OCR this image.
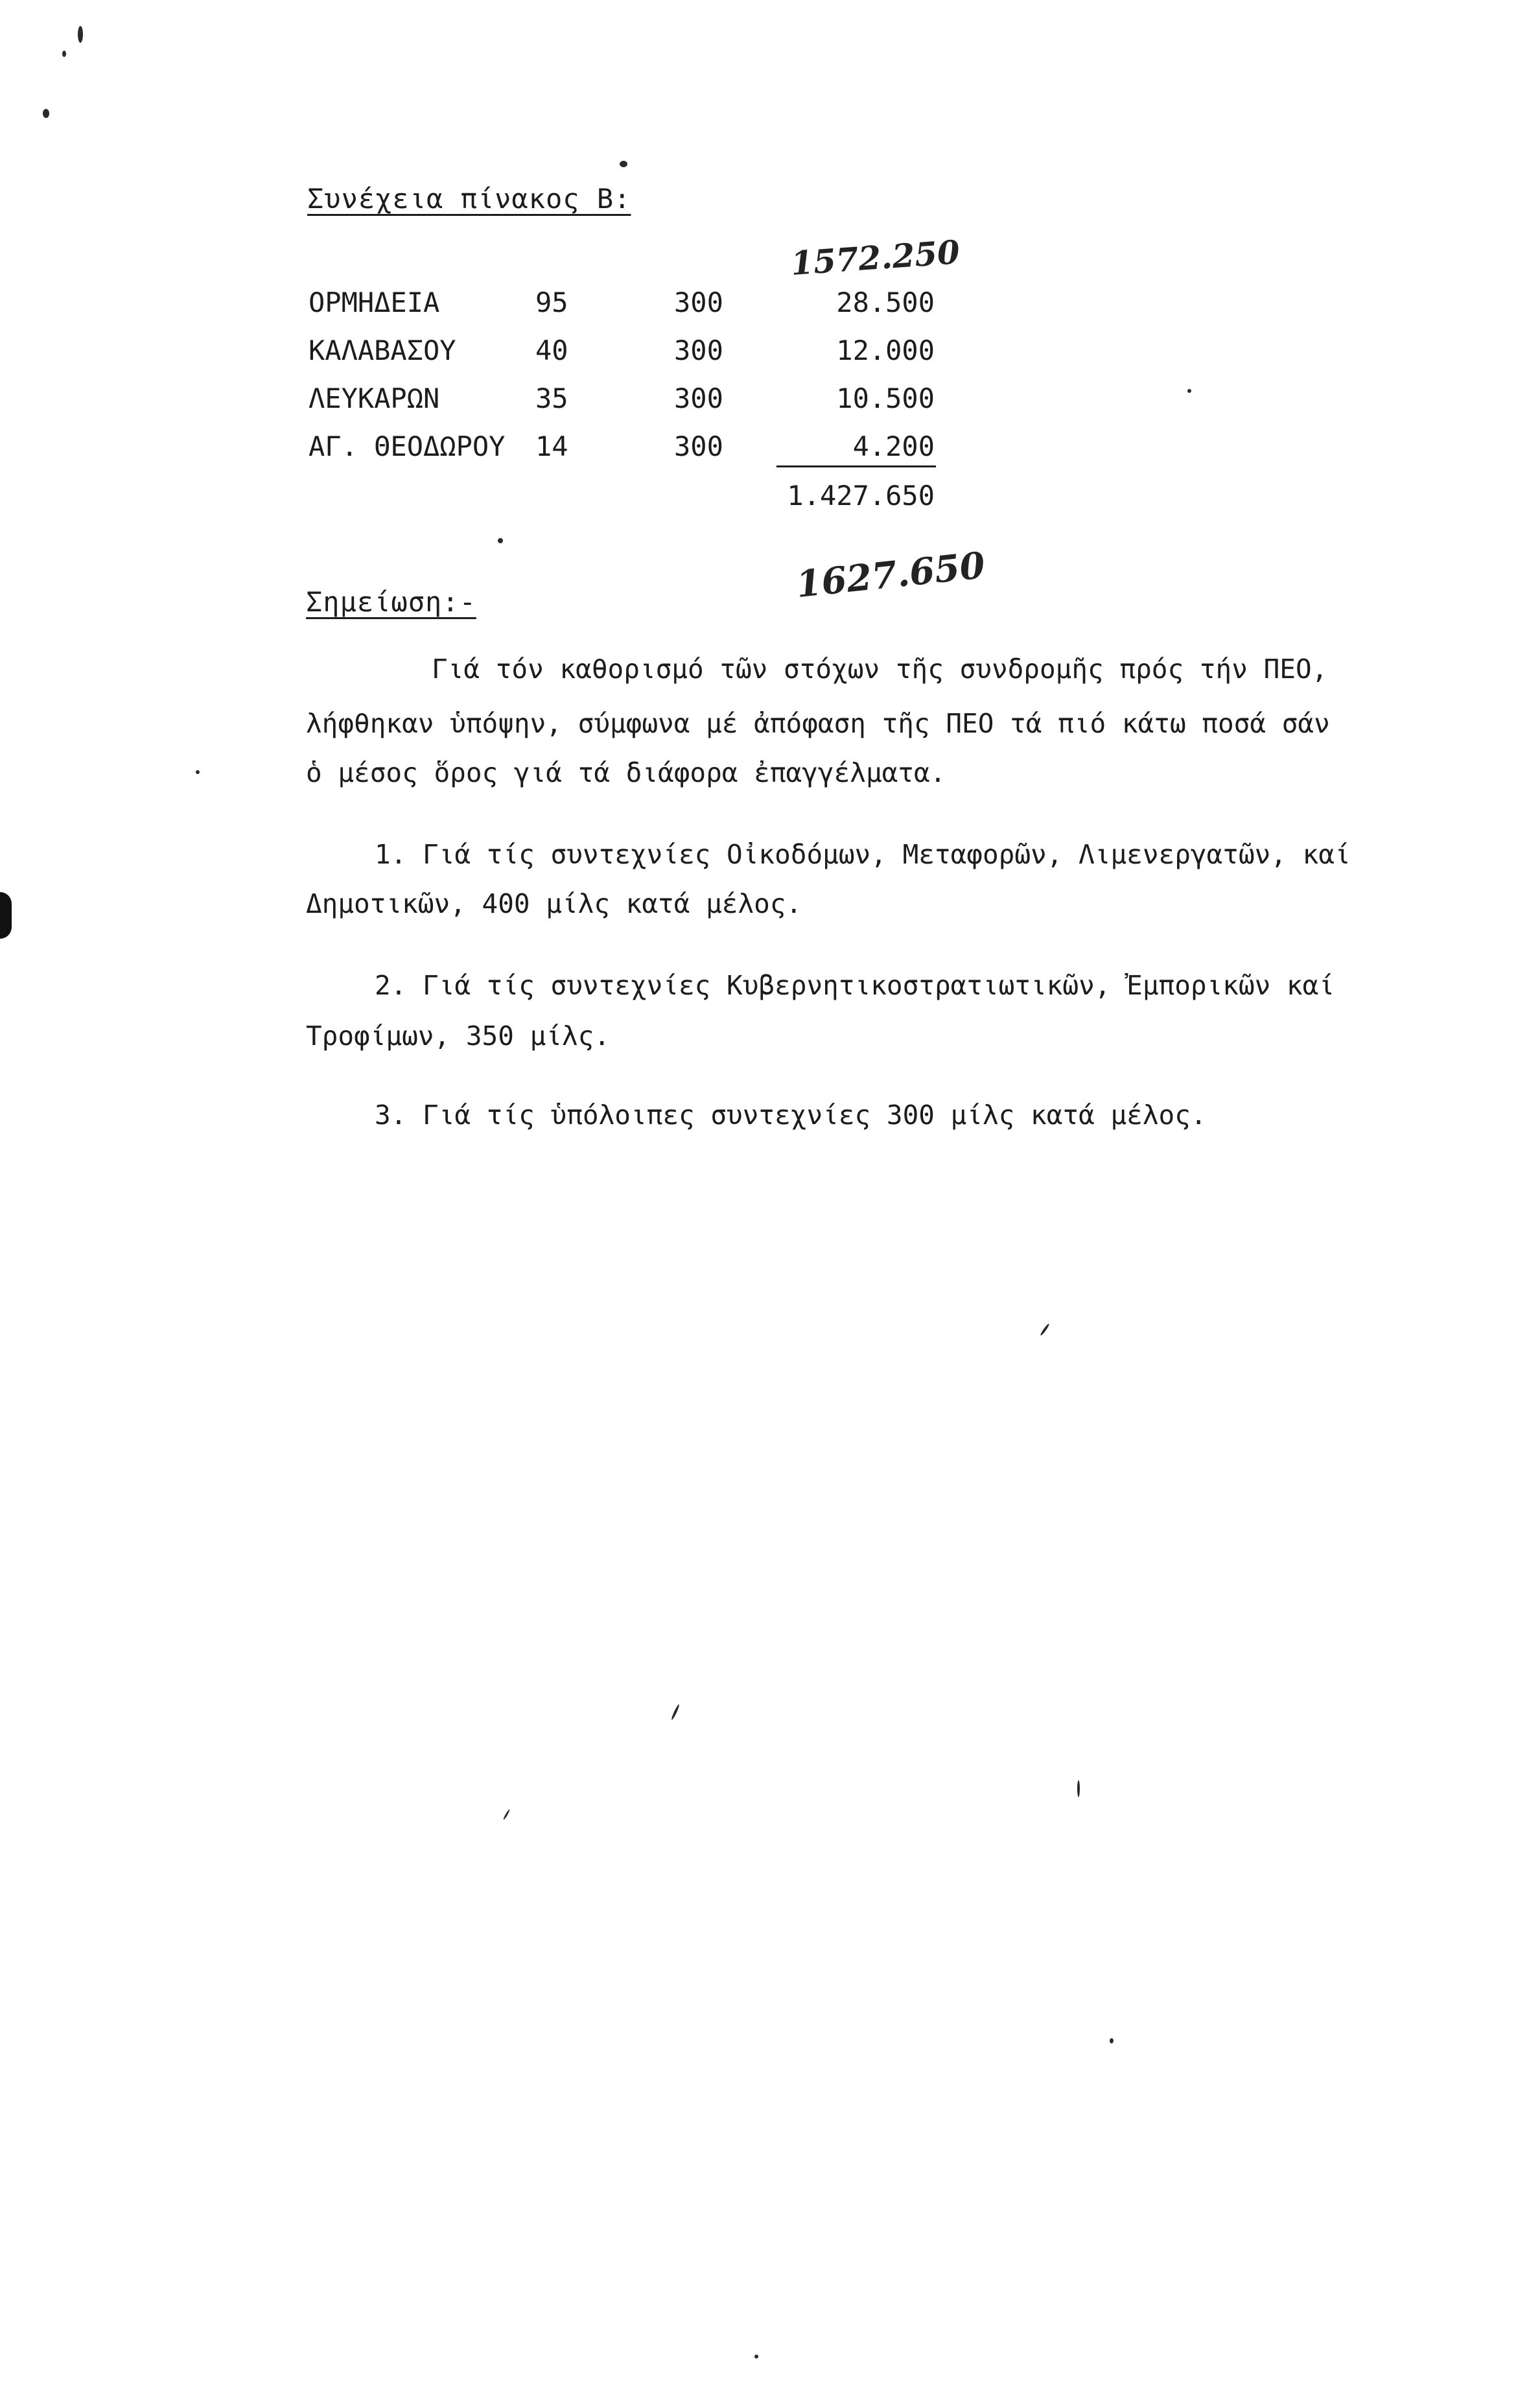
Συνέχεια πίνακος Β:
1572.250
ΟΡΜΗΔΕΙΑ	95	300	28.500
ΚΑΛΑΒΑΣΟΥ	40	300	12.000
ΛΕΥΚΑΡΩΝ	35	300	10.500
ΑΓ. ΘΕΟΔΩΡΟΥ 14	300	4.200
1.427.650
Σημείωση:-	1627.650
Γιά τόν καθορισμό τῶν στόχων τῆς συνδρομῆς πρός τήν ΠΕΟ,
λήφθηκαν ὑπόψην, σύμφωνα μέ ἀπόφαση τῆς ΠΕΟ τά πιό κάτω ποσά σάν
ὁ μέσος ὅρος γιά τά διάφορα ἐπαγγέλματα.
1. Γιά τίς συντεχνίες Οἰκοδόμων, Μεταφορῶν, Λιμενεργατῶν, καί
Δημοτικῶν, 400 μίλς κατά μέλος.
2. Γιά τίς συντεχνίες Κυβερνητικοστρατιωτικῶν, Ἐμπορικῶν καί
Τροφίμων, 350 μίλς.
3. Γιά τίς ὑπόλοιπες συντεχνίες 300 μίλς κατά μέλος.
